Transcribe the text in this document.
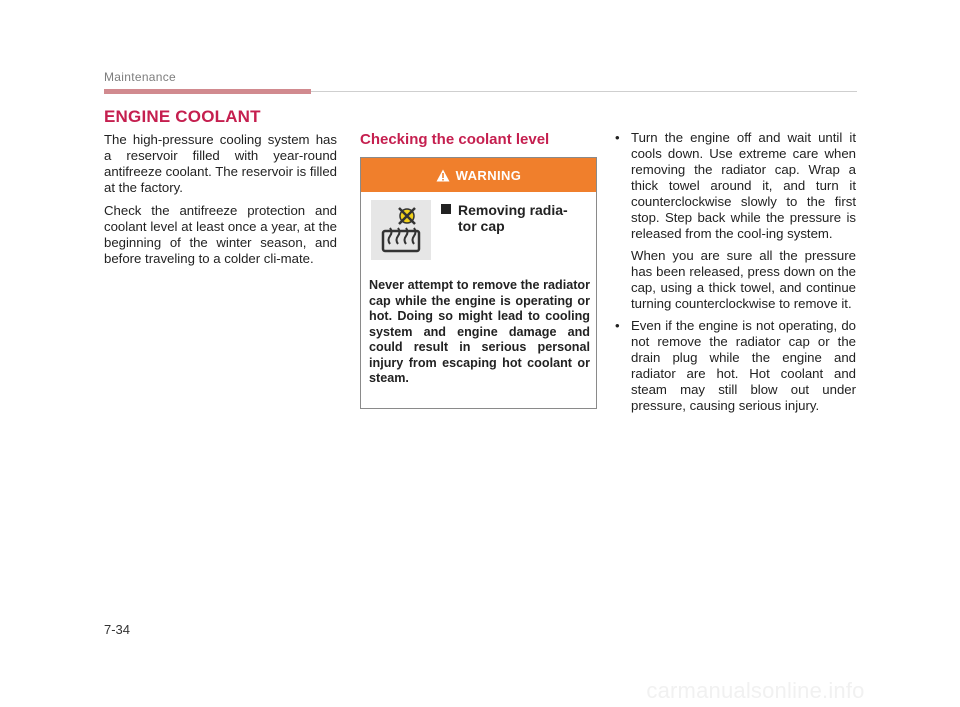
Maintenance
ENGINE COOLANT

The high-pressure cooling system has a reservoir filled with year-round antifreeze coolant. The reservoir is filled at the factory.

Check the antifreeze protection and coolant level at least once a year, at the beginning of the winter season, and before traveling to a colder cli-mate.

Checking the coolant level
WARNING
Removing radia-
tor cap

Never attempt to remove the radiator cap while the engine is operating or hot. Doing so might lead to cooling system and engine damage and could result in serious personal injury from escaping hot coolant or steam.

• Turn the engine off and wait until it cools down. Use extreme care when removing the radiator cap. Wrap a thick towel around it, and turn it counterclockwise slowly to the first stop. Step back while the pressure is released from the cool-ing system.
When you are sure all the pressure has been released, press down on the cap, using a thick towel, and continue turning counterclockwise to remove it.
• Even if the engine is not operating, do not remove the radiator cap or the drain plug while the engine and radiator are hot. Hot coolant and steam may still blow out under pressure, causing serious injury.
7-34
carmanualsonline.info
